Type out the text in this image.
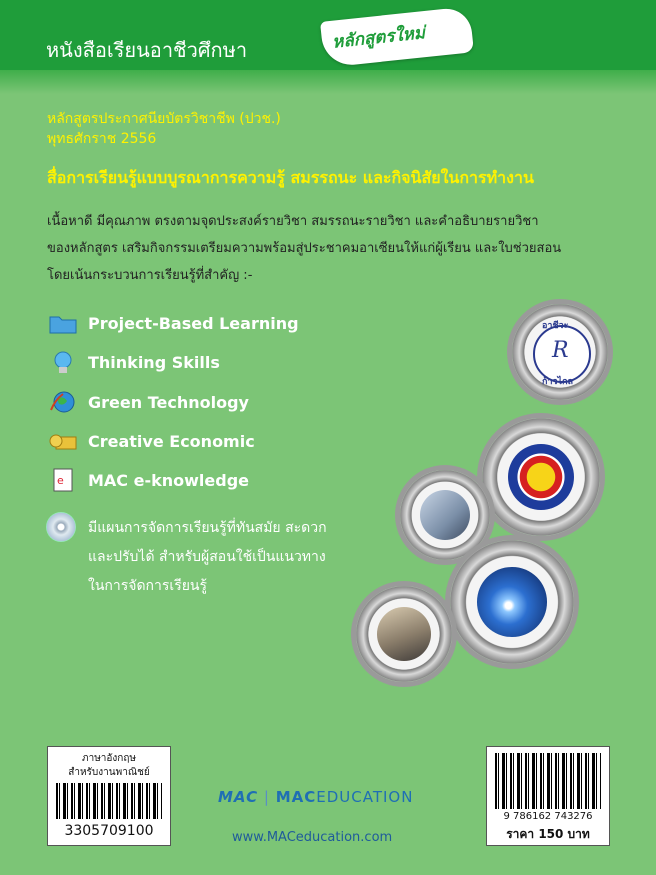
หนังสือเรียนอาชีวศึกษา	หลักสูตรใหม่
หลักสูตรประกาศนียบัตรวิชาชีพ (ปวช.)
พุทธศักราช 2556
สื่อการเรียนรู้แบบบูรณาการความรู้ สมรรถนะ และกิจนิสัยในการทำงาน
เนื้อหาดี มีคุณภาพ ตรงตามจุดประสงค์รายวิชา สมรรถนะรายวิชา และคำอธิบายรายวิชา
ของหลักสูตร เสริมกิจกรรมเตรียมความพร้อมสู่ประชาคมอาเซียนให้แก่ผู้เรียน และใบช่วยสอน
โดยเน้นกระบวนการเรียนรู้ที่สำคัญ :-
Project-Based Learning
Thinking Skills
Green Technology
Creative Economic
e MAC e-knowledge
มีแผนการจัดการเรียนรู้ที่ทันสมัย สะดวก
และปรับได้ สำหรับผู้สอนใช้เป็นแนวทาง
ในการจัดการเรียนรู้
อาชีวะ
R
ก้าวไกล
ภาษาอังกฤษ
สำหรับงานพาณิชย์
3305709100
9 786162 743276
ราคา 150 บาท
MAC | MACEDUCATION
www.MACeducation.com
